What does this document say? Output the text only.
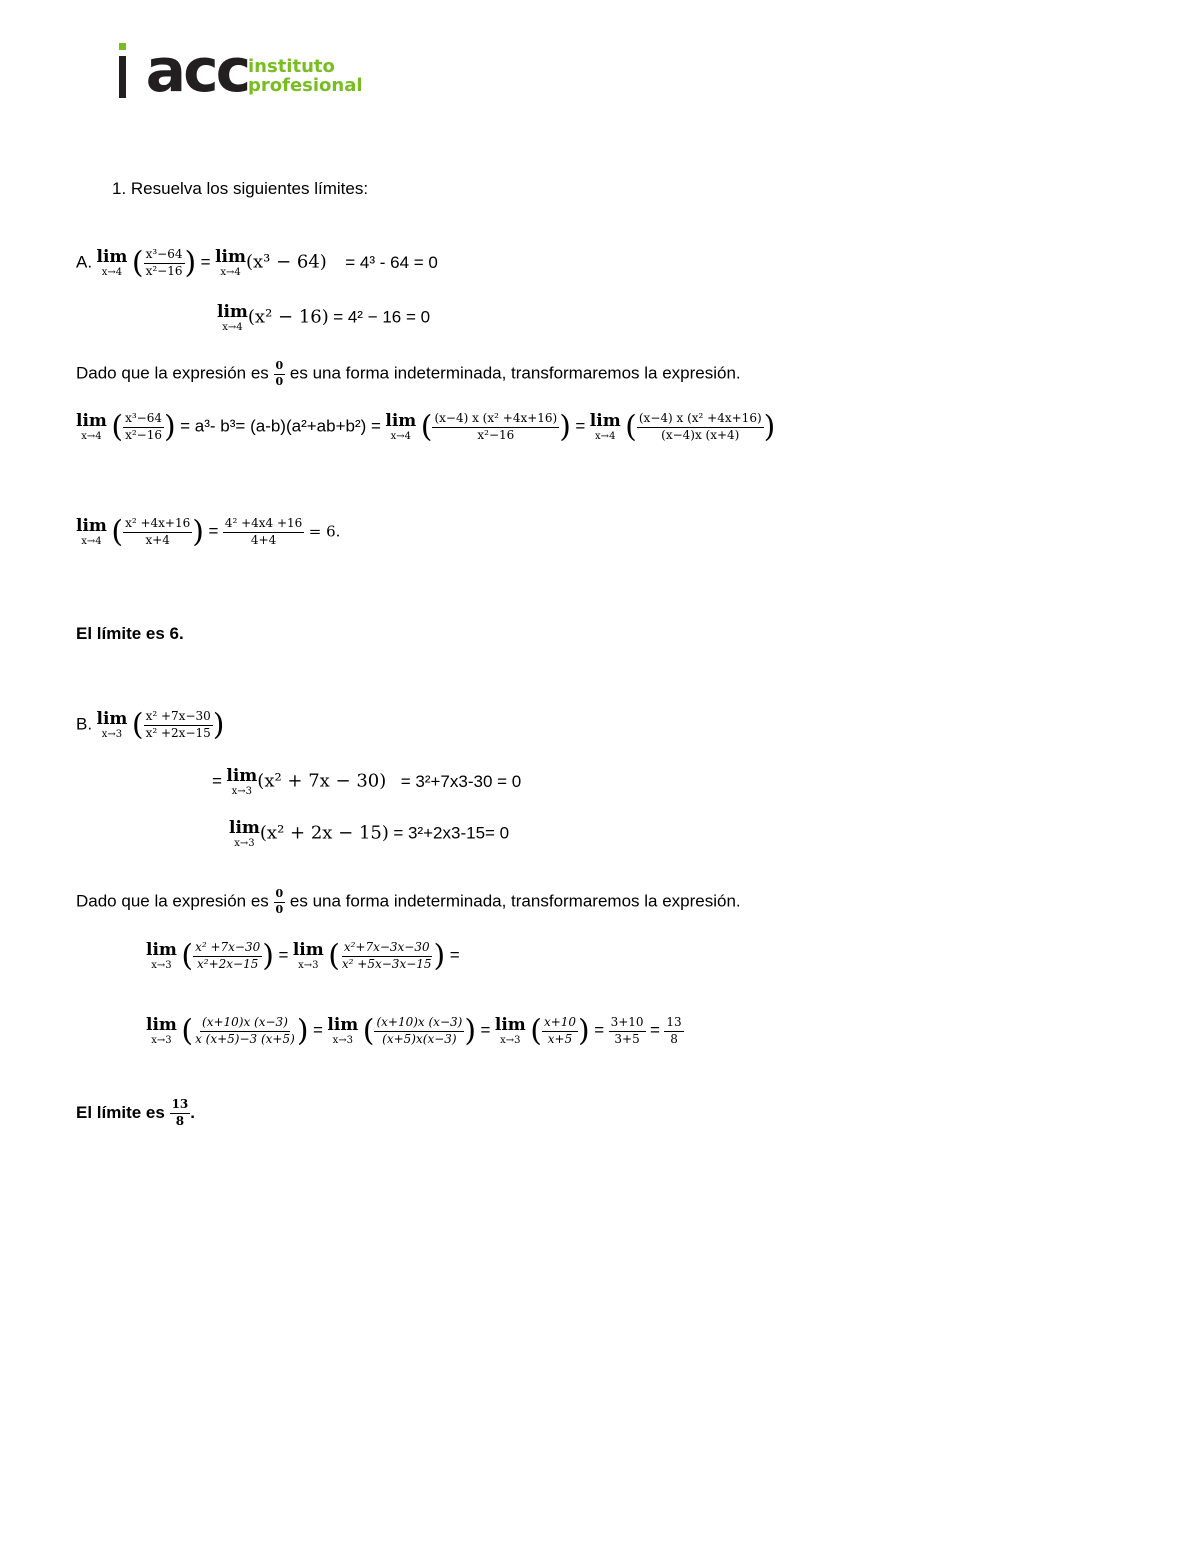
acc instituto
profesional
1. Resuelva los siguientes límites:
A. lim
x→4 ( $\frac{\text{x³−64}}{\text{x²−16}}$ ) = lim
x→4 (x³ − 64) = 4³ - 64 = 0
lim
x→4 (x² − 16) = 4² − 16 = 0
Dado que la expresión es $\frac{0}{0}$ es una forma indeterminada, transformaremos la expresión.
lim
x→4 ( $\frac{\text{x³−64}}{\text{x²−16}}$ ) = a³- b³= (a-b)(a²+ab+b²) = lim
x→4 ( $\frac{\text{(x−4) x (x² +4x+16)}}{\text{x²−16}}$ ) = lim
x→4 ( $\frac{\text{(x−4) x (x² +4x+16)}}{(x-4)x (x+4)}$ )
lim
x→4 ( $\frac{\text{x² +4x+16}}{x+4}$ ) = $\frac{\text{4² +4x4 +16}}{4+4} = 6$.
El límite es 6.
B. lim
x→3 ( $\frac{\text{x² +7x−30}}{\text{x² +2x−15}}$ )
= lim
x→3 (x² + 7x − 30) = 3²+7x3-30 = 0
lim
x→3 (x² + 2x − 15) = 3²+2x3-15= 0
Dado que la expresión es $\frac{0}{0}$ es una forma indeterminada, transformaremos la expresión.
lim
x→3 ( $\frac{\text{x² +7x−30}}{\text{x²+2x−15}}$ ) = lim
x→3 ( $\frac{\text{x²+7x−3x−30}}{\text{x² +5x−3x−15}}$ ) =
lim
x→3 ( $\frac{(x+10)x (x-3)}{x (x+5)-3 (x+5)}$ ) = lim
x→3 ( $\frac{(x+10)x (x-3)}{(x+5)x(x-3)}$ ) = lim
x→3 ( $\frac{x+10}{x+5}$ ) = $\frac{3+10}{3+5} = \frac{13}{8}$
El límite es $\frac{13}{8}$ .
